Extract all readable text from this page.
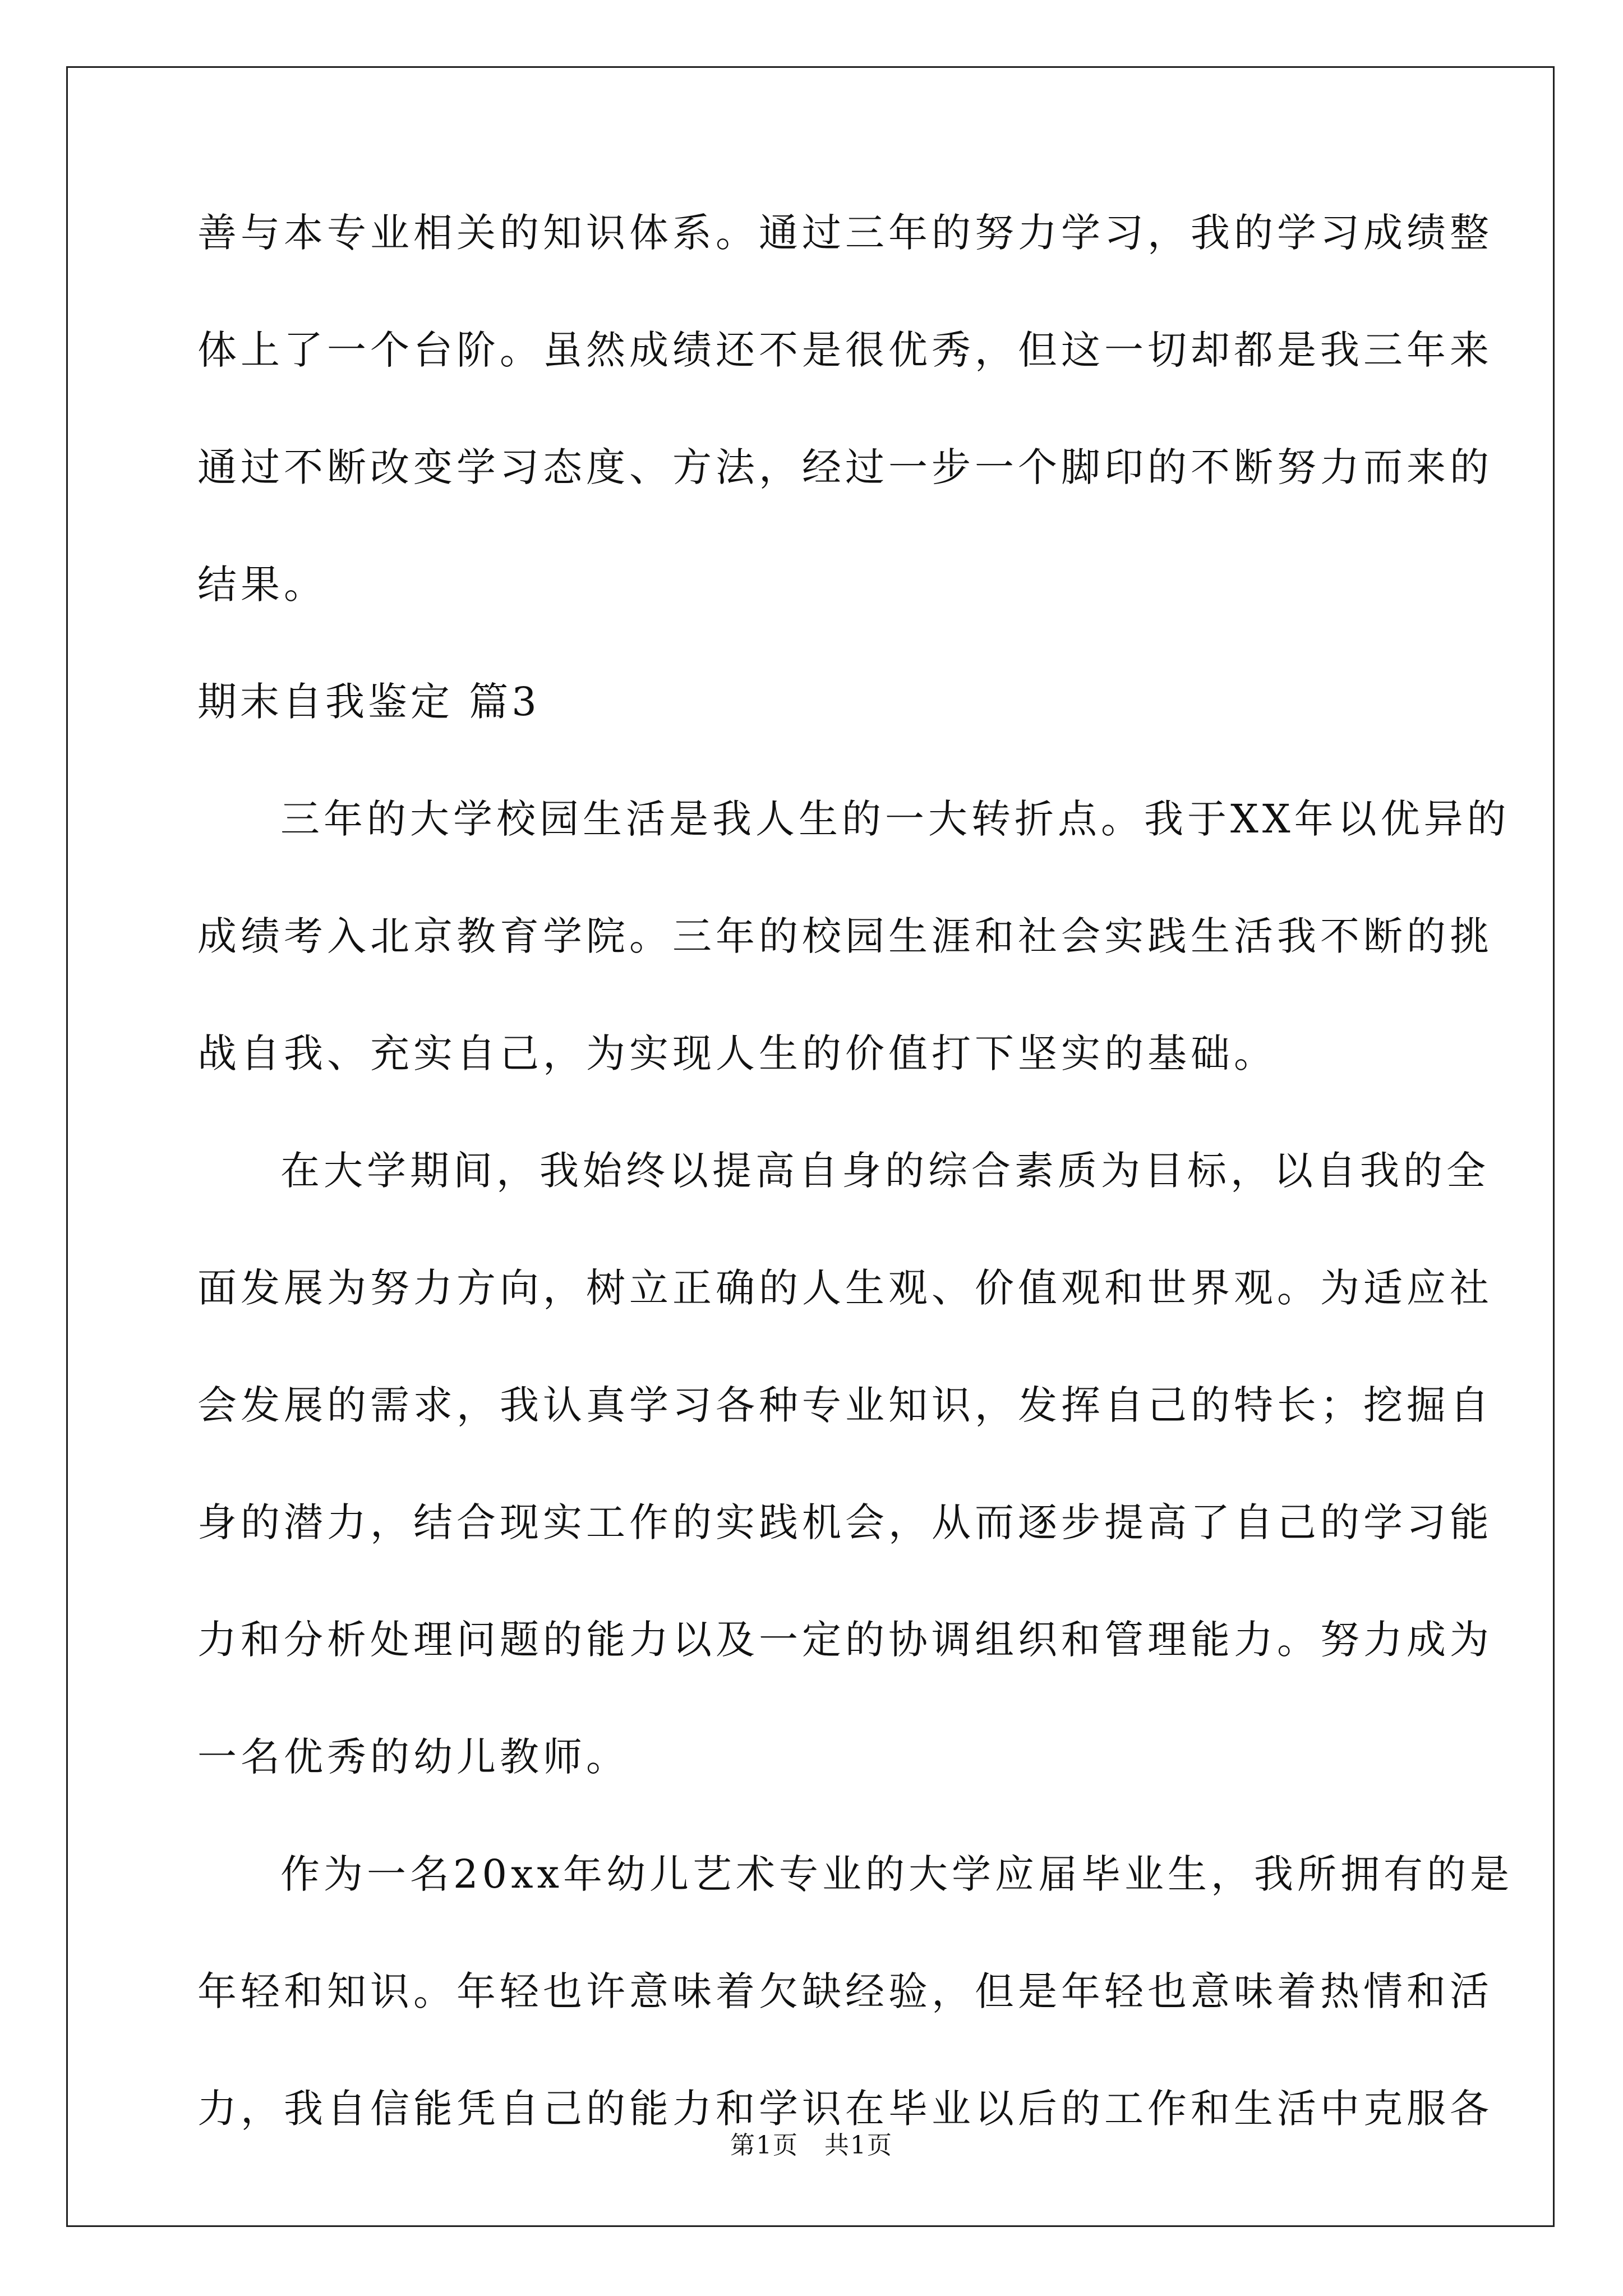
善与本专业相关的知识体系。通过三年的努力学习，我的学习成绩整
体上了一个台阶。虽然成绩还不是很优秀，但这一切却都是我三年来
通过不断改变学习态度、方法，经过一步一个脚印的不断努力而来的
结果。
期末自我鉴定 篇3
三年的大学校园生活是我人生的一大转折点。我于XX年以优异的
成绩考入北京教育学院。三年的校园生涯和社会实践生活我不断的挑
战自我、充实自己，为实现人生的价值打下坚实的基础。
在大学期间，我始终以提高自身的综合素质为目标，以自我的全
面发展为努力方向，树立正确的人生观、价值观和世界观。为适应社
会发展的需求，我认真学习各种专业知识，发挥自己的特长；挖掘自
身的潜力，结合现实工作的实践机会，从而逐步提高了自己的学习能
力和分析处理问题的能力以及一定的协调组织和管理能力。努力成为
一名优秀的幼儿教师。
作为一名20xx年幼儿艺术专业的大学应届毕业生，我所拥有的是
年轻和知识。年轻也许意味着欠缺经验，但是年轻也意味着热情和活
力，我自信能凭自己的能力和学识在毕业以后的工作和生活中克服各
第1页　共1页
